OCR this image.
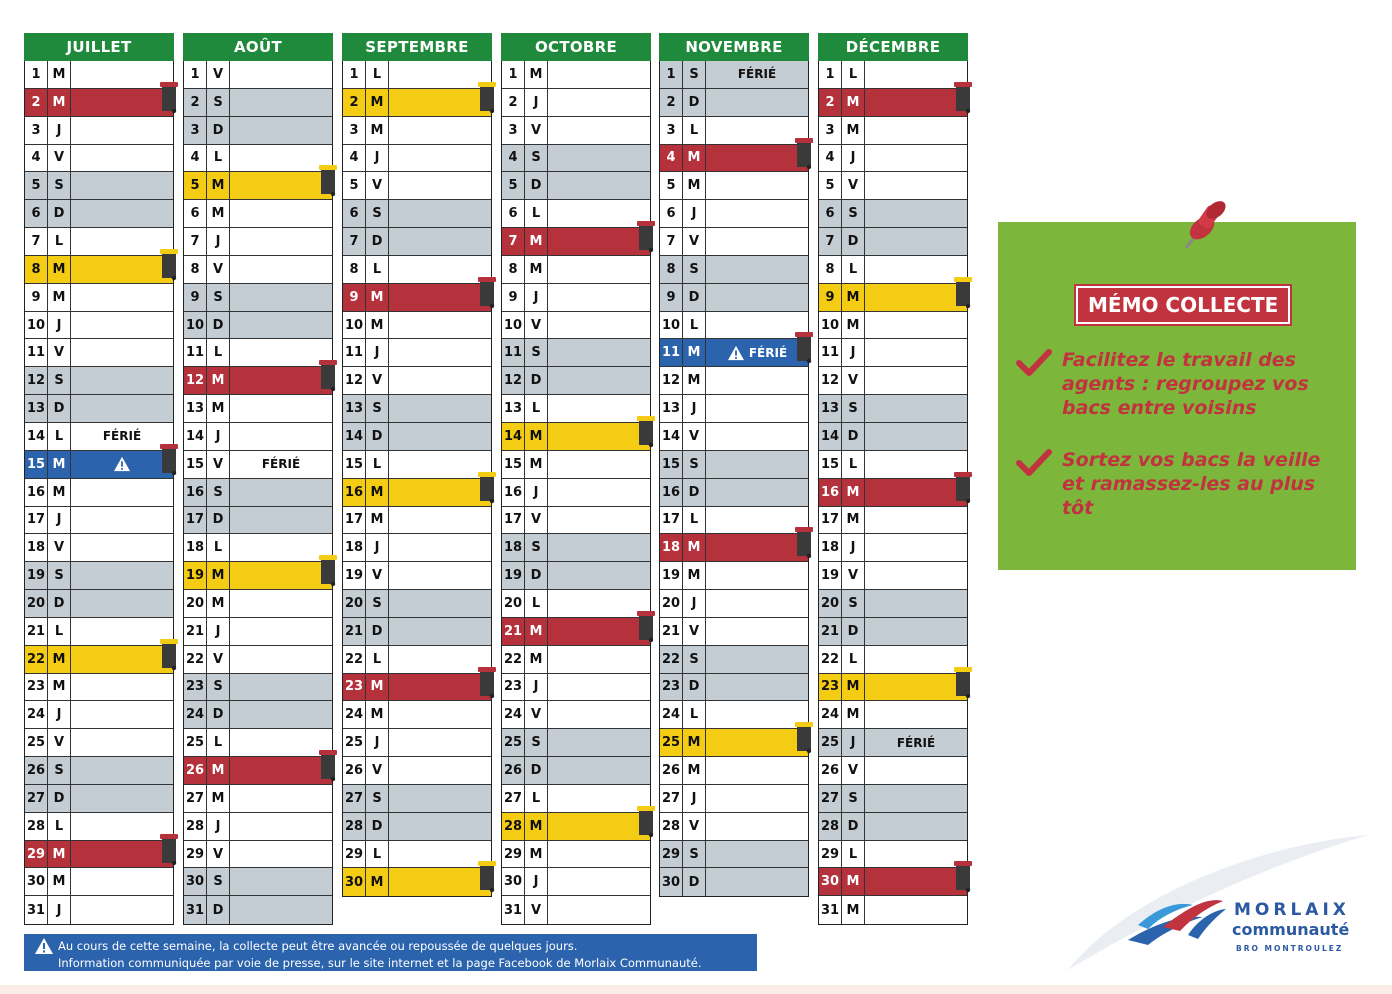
JUILLET
1 M
2 M
3	J
4	V
5	S
6	D
7	L
8 M
9 M
10 J
11 V
12 S
13 D
14 L	FÉRIÉ
15 M
16 M
17 J
18 V
19 S
20 D
21 L
22 M
23 M
24 J
25 V
26 S
27 D
28 L
29 M
30 M
31 J
AOÛT
1	V
2	S
3	D
4	L
5 M
6 M
7	J
8	V
9	S
10 D
11 L
12 M
13 M
14 J
15 V	FÉRIÉ
16 S
17 D
18 L
19 M
20 M
21 J
22 V
23 S
24 D
25 L
26 M
27 M
28 J
29 V
30 S
31 D
SEPTEMBRE
1	L
2 M
3 M
4	J
5	V
6	S
7	D
8	L
9 M
10 M
11 J
12 V
13 S
14 D
15 L
16 M
17 M
18 J
19 V
20 S
21 D
22 L
23 M
24 M
25 J
26 V
27 S
28 D
29 L
30 M
OCTOBRE
1 M
2	J
3	V
4	S
5	D
6	L
7 M
8 M
9	J
10 V
11 S
12 D
13 L
14 M
15 M
16 J
17 V
18 S
19 D
20 L
21 M
22 M
23 J
24 V
25 S
26 D
27 L
28 M
29 M
30 J
31 V
NOVEMBRE
1	S	FÉRIÉ
2	D
3	L
4 M
5 M
6	J
7	V
8	S
9	D
10 L
11 M	FÉRIÉ
12 M
13 J
14 V
15 S
16 D
17 L
18 M
19 M
20 J
21 V
22 S
23 D
24 L
25 M
26 M
27 J
28 V
29 S
30 D
DÉCEMBRE
1	L
2 M
3 M
4	J
5	V
6	S
7	D
8	L
9 M
10 M
11 J
12 V
13 S
14 D
15 L
16 M
17 M
18 J
19 V
20 S
21 D
22 L
23 M
24 M
25 J	FÉRIÉ
26 V
27 S
28 D
29 L
30 M
31 M
MÉMO COLLECTE
Facilitez le travail des agents : regroupez vos bacs entre voisins
Sortez vos bacs la veille et ramassez-les au plus tôt
Au cours de cette semaine, la collecte peut être avancée ou repoussée de quelques jours.
Information communiquée par voie de presse, sur le site internet et la page Facebook de Morlaix Communauté.
MORLAIX
communauté
BRO MONTROULEZ
